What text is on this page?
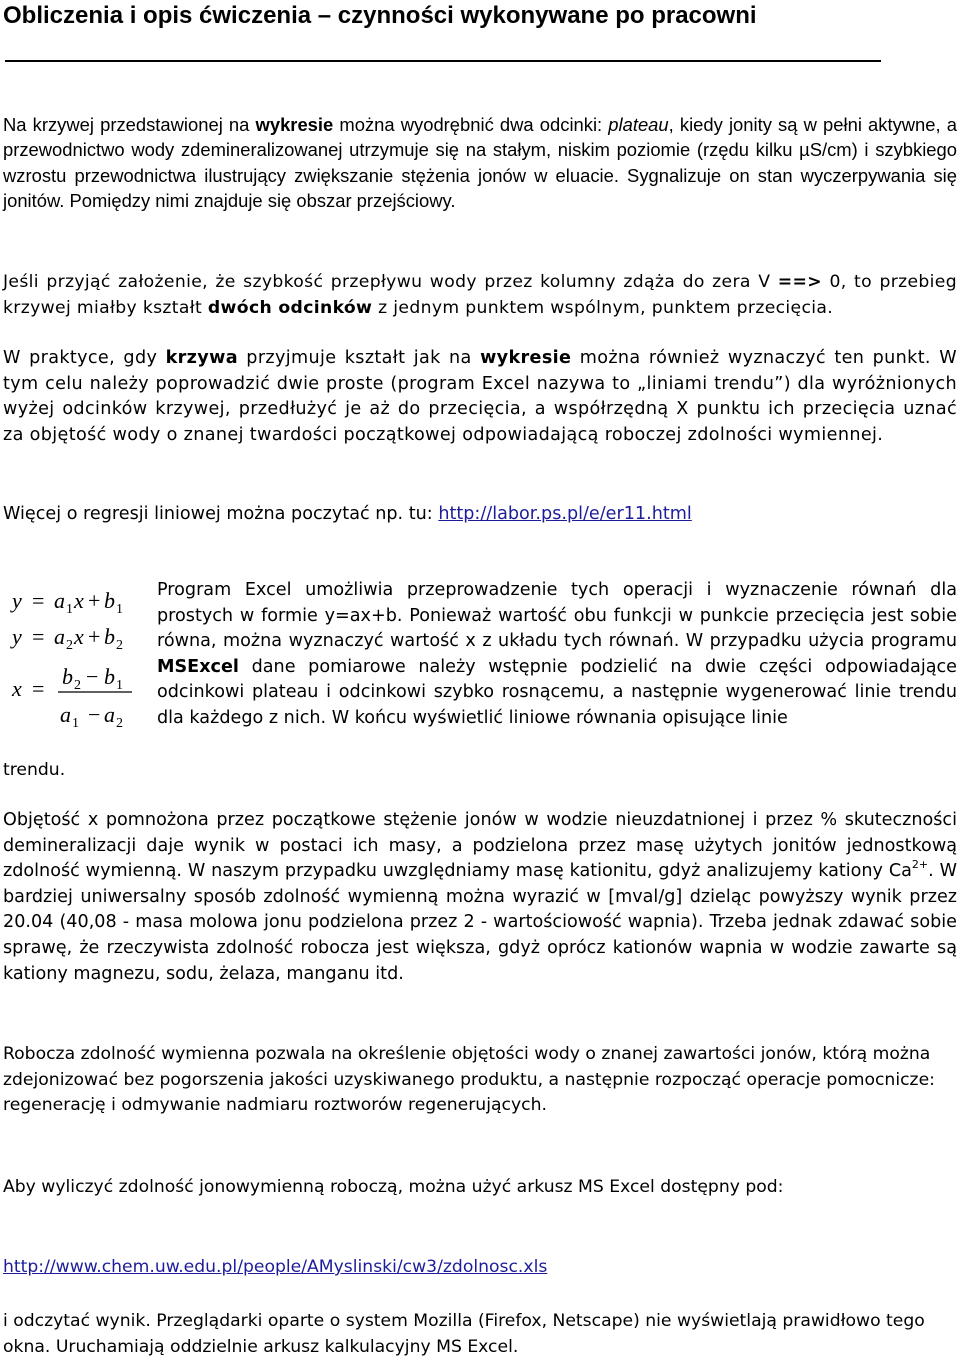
Obliczenia i opis ćwiczenia – czynności wykonywane po pracowni

Na krzywej przedstawionej na wykresie można wyodrębnić dwa odcinki: plateau, kiedy jonity są w pełni aktywne, a przewodnictwo wody zdemineralizowanej utrzymuje się na stałym, niskim poziomie (rzędu kilku µS/cm) i szybkiego wzrostu przewodnictwa ilustrujący zwiększanie stężenia jonów w eluacie. Sygnalizuje on stan wyczerpywania się jonitów. Pomiędzy nimi znajduje się obszar przejściowy.

Jeśli przyjąć założenie, że szybkość przepływu wody przez kolumny zdąża do zera V ==> 0, to przebieg krzywej miałby kształt dwóch odcinków z jednym punktem wspólnym, punktem przecięcia.

W praktyce, gdy krzywa przyjmuje kształt jak na wykresie można również wyznaczyć ten punkt. W tym celu należy poprowadzić dwie proste (program Excel nazywa to „liniami trendu”) dla wyróżnionych wyżej odcinków krzywej, przedłużyć je aż do przecięcia, a współrzędną X punktu ich przecięcia uznać za objętość wody o znanej twardości początkowej odpowiadającą roboczej zdolności wymiennej.

Więcej o regresji liniowej można poczytać np. tu: http://labor.ps.pl/e/er11.html

y = a 1 x + b 1
y = a 2 x + b 2
x = b 2 − b 1
a 1 − a 2

Program Excel umożliwia przeprowadzenie tych operacji i wyznaczenie równań dla prostych w formie y=ax+b. Ponieważ wartość obu funkcji w punkcie przecięcia jest sobie równa, można wyznaczyć wartość x z układu tych równań. W przypadku użycia programu MSExcel dane pomiarowe należy wstępnie podzielić na dwie części odpowiadające odcinkowi plateau i odcinkowi szybko rosnącemu, a następnie wygenerować linie trendu dla każdego z nich. W końcu wyświetlić liniowe równania opisujące linie

trendu.

Objętość x pomnożona przez początkowe stężenie jonów w wodzie nieuzdatnionej i przez % skuteczności demineralizacji daje wynik w postaci ich masy, a podzielona przez masę użytych jonitów jednostkową zdolność wymienną. W naszym przypadku uwzględniamy masę kationitu, gdyż analizujemy kationy $Ca^{2+}$. W bardziej uniwersalny sposób zdolność wymienną można wyrazić w [mval/g] dzieląc powyższy wynik przez 20.04 (40,08 - masa molowa jonu podzielona przez 2 - wartościowość wapnia). Trzeba jednak zdawać sobie sprawę, że rzeczywista zdolność robocza jest większa, gdyż oprócz kationów wapnia w wodzie zawarte są kationy magnezu, sodu, żelaza, manganu itd.

Robocza zdolność wymienna pozwala na określenie objętości wody o znanej zawartości jonów, którą można zdejonizować bez pogorszenia jakości uzyskiwanego produktu, a następnie rozpocząć operacje pomocnicze: regenerację i odmywanie nadmiaru roztworów regenerujących.

Aby wyliczyć zdolność jonowymienną roboczą, można użyć arkusz MS Excel dostępny pod:

http://www.chem.uw.edu.pl/people/AMyslinski/cw3/zdolnosc.xls

i odczytać wynik. Przeglądarki oparte o system Mozilla (Firefox, Netscape) nie wyświetlają prawidłowo tego okna. Uruchamiają oddzielnie arkusz kalkulacyjny MS Excel.
